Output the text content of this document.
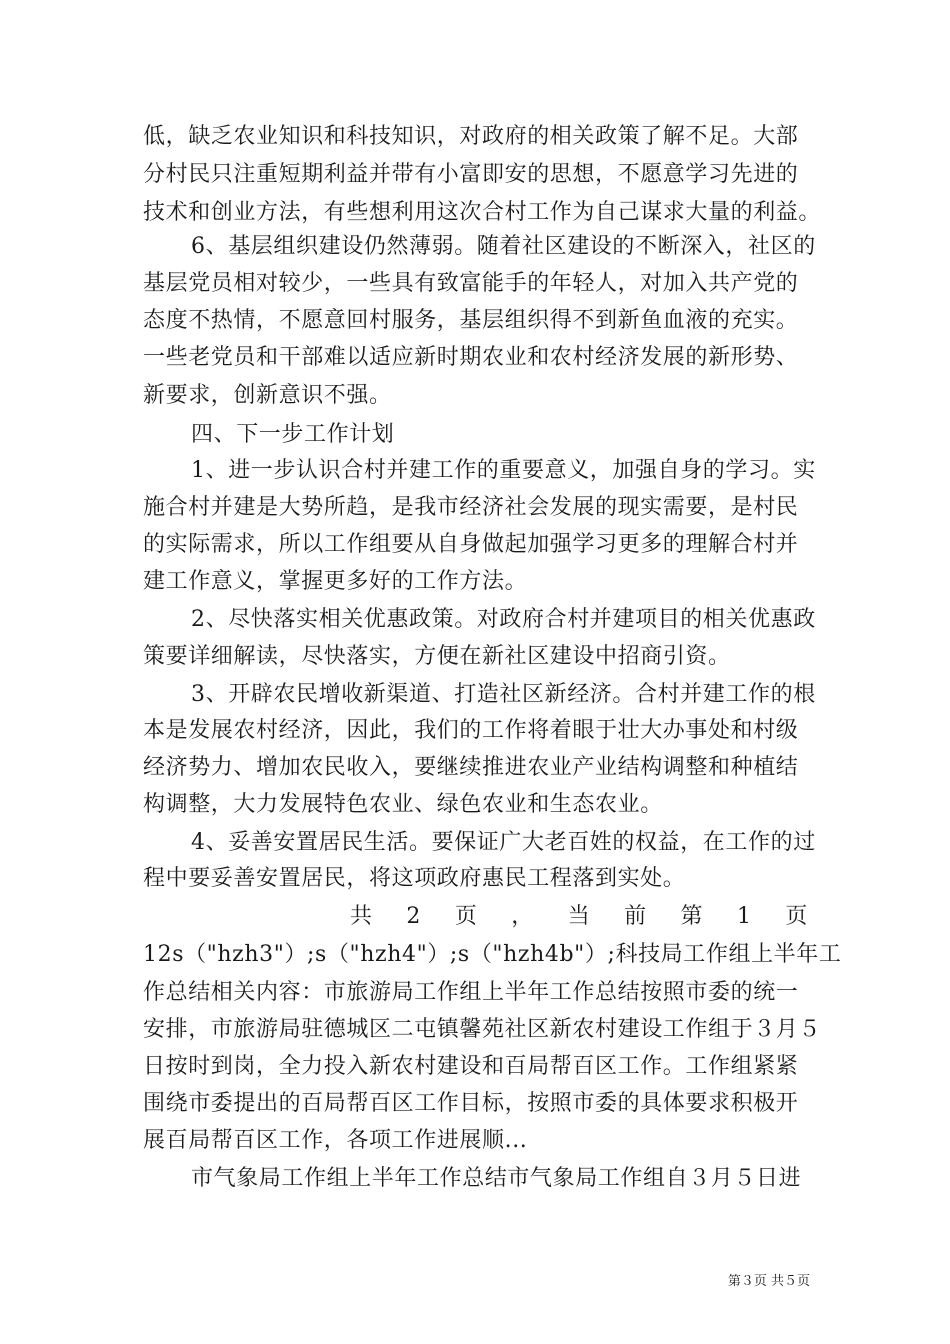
低，缺乏农业知识和科技知识，对政府的相关政策了解不足。大部
分村民只注重短期利益并带有小富即安的思想，不愿意学习先进的
技术和创业方法，有些想利用这次合村工作为自己谋求大量的利益。
6、基层组织建设仍然薄弱。随着社区建设的不断深入，社区的
基层党员相对较少，一些具有致富能手的年轻人，对加入共产党的
态度不热情，不愿意回村服务，基层组织得不到新鱼血液的充实。
一些老党员和干部难以适应新时期农业和农村经济发展的新形势、
新要求，创新意识不强。
四、下一步工作计划
1、进一步认识合村并建工作的重要意义，加强自身的学习。实
施合村并建是大势所趋，是我市经济社会发展的现实需要，是村民
的实际需求，所以工作组要从自身做起加强学习更多的理解合村并
建工作意义，掌握更多好的工作方法。
2、尽快落实相关优惠政策。对政府合村并建项目的相关优惠政
策要详细解读，尽快落实，方便在新社区建设中招商引资。
3、开辟农民增收新渠道、打造社区新经济。合村并建工作的根
本是发展农村经济，因此，我们的工作将着眼于壮大办事处和村级
经济势力、增加农民收入，要继续推进农业产业结构调整和种植结
构调整，大力发展特色农业、绿色农业和生态农业。
4、妥善安置居民生活。要保证广大老百姓的权益，在工作的过
程中要妥善安置居民，将这项政府惠民工程落到实处。
共 2 页 ， 当 前 第 1 页
12s（"hzh3"）;s（"hzh4"）;s（"hzh4b"）;科技局工作组上半年工
作总结相关内容：市旅游局工作组上半年工作总结按照市委的统一
安排，市旅游局驻德城区二屯镇馨苑社区新农村建设工作组于３月５
日按时到岗，全力投入新农村建设和百局帮百区工作。工作组紧紧
围绕市委提出的百局帮百区工作目标，按照市委的具体要求积极开
展百局帮百区工作，各项工作进展顺...
市气象局工作组上半年工作总结市气象局工作组自３月５日进
第３页 共５页
